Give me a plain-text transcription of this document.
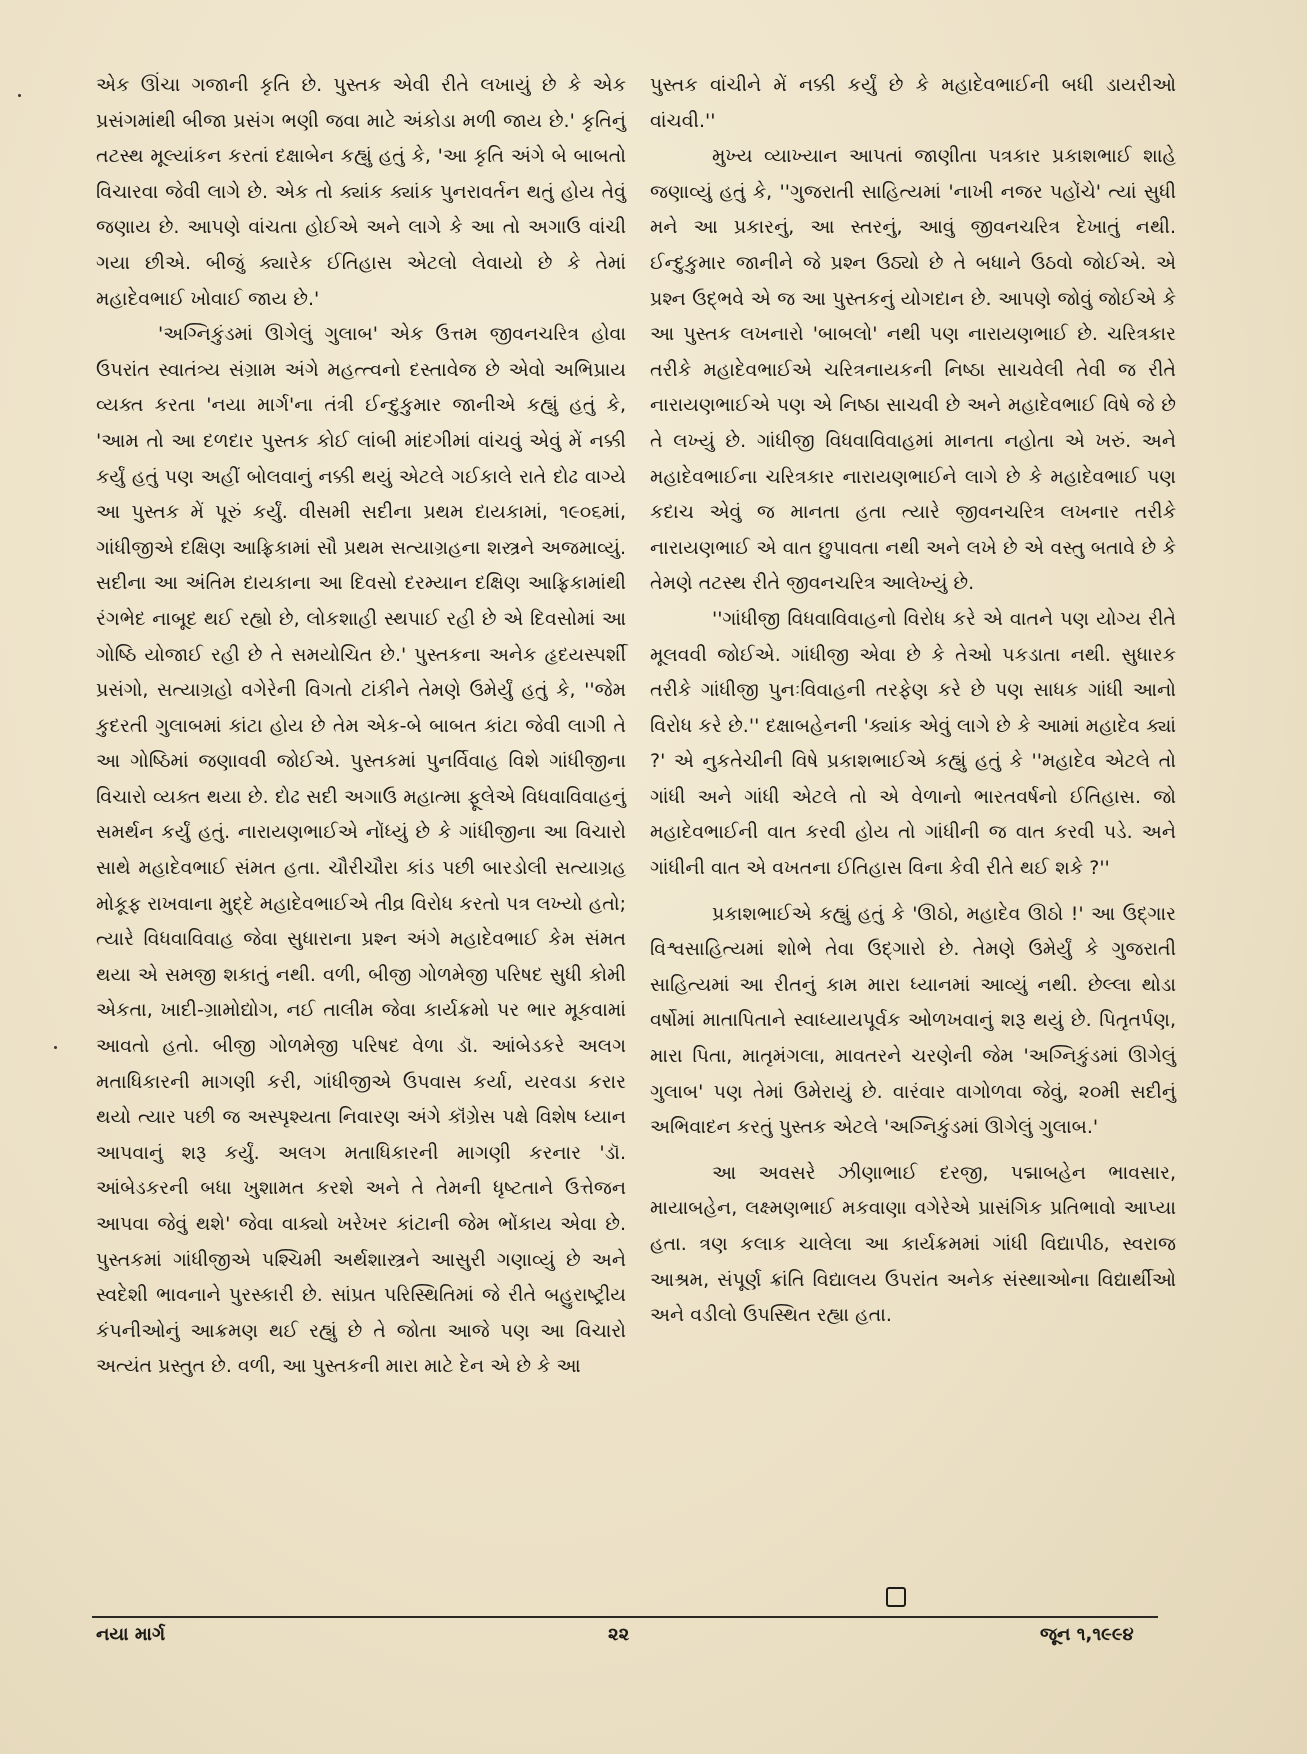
એક ઊંચા ગજાની કૃતિ છે. પુસ્તક એવી રીતે લખાયું છે કે એક પ્રસંગમાંથી બીજા પ્રસંગ ભણી જવા માટે અંકોડા મળી જાય છે.' કૃતિનું તટસ્થ મૂલ્યાંકન કરતાં દક્ષાબેન કહ્યું હતું કે, 'આ કૃતિ અંગે બે બાબતો વિચારવા જેવી લાગે છે. એક તો ક્યાંક ક્યાંક પુનરાવર્તન થતું હોય તેવું જણાય છે. આપણે વાંચતા હોઈએ અને લાગે કે આ તો અગાઉ વાંચી ગયા છીએ. બીજું ક્યારેક ઈતિહાસ એટલો લેવાયો છે કે તેમાં મહાદેવભાઈ ખોવાઈ જાય છે.'

'અગ્નિકુંડમાં ઊગેલું ગુલાબ' એક ઉત્તમ જીવનચરિત્ર હોવા ઉપરાંત સ્વાતંત્ર્ય સંગ્રામ અંગે મહત્ત્વનો દસ્તાવેજ છે એવો અભિપ્રાય વ્યક્ત કરતા 'નયા માર્ગ'ના તંત્રી ઈન્દુકુમાર જાનીએ કહ્યું હતું કે, 'આમ તો આ દળદાર પુસ્તક કોઈ લાંબી માંદગીમાં વાંચવું એવું મેં નક્કી કર્યું હતું પણ અહીં બોલવાનું નક્કી થયું એટલે ગઈકાલે રાતે દોઢ વાગ્યે આ પુસ્તક મેં પૂરું કર્યું. વીસમી સદીના પ્રથમ દાયકામાં, ૧૯૦૬માં, ગાંધીજીએ દક્ષિણ આફ્રિકામાં સૌ પ્રથમ સત્યાગ્રહના શસ્ત્રને અજમાવ્યું. સદીના આ અંતિમ દાયકાના આ દિવસો દરમ્યાન દક્ષિણ આફ્રિકામાંથી રંગભેદ નાબૂદ થઈ રહ્યો છે, લોકશાહી સ્થપાઈ રહી છે એ દિવસોમાં આ ગોષ્ઠિ યોજાઈ રહી છે તે સમયોચિત છે.' પુસ્તકના અનેક હૃદયસ્પર્શી પ્રસંગો, સત્યાગ્રહો વગેરેની વિગતો ટાંકીને તેમણે ઉમેર્યું હતું કે, ''જેમ કુદરતી ગુલાબમાં કાંટા હોય છે તેમ એક-બે બાબત કાંટા જેવી લાગી તે આ ગોષ્ઠિમાં જણાવવી જોઈએ. પુસ્તકમાં પુનર્વિવાહ વિશે ગાંધીજીના વિચારો વ્યક્ત થયા છે. દોઢ સદી અગાઉ મહાત્મા ફૂલેએ વિધવાવિવાહનું સમર્થન કર્યું હતું. નારાયણભાઈએ નોંધ્યું છે કે ગાંધીજીના આ વિચારો સાથે મહાદેવભાઈ સંમત હતા. ચૌરીચૌરા કાંડ પછી બારડોલી સત્યાગ્રહ મોકૂફ રાખવાના મુદ્દે મહાદેવભાઈએ તીવ્ર વિરોધ કરતો પત્ર લખ્યો હતો; ત્યારે વિધવાવિવાહ જેવા સુધારાના પ્રશ્ન અંગે મહાદેવભાઈ કેમ સંમત થયા એ સમજી શકાતું નથી. વળી, બીજી ગોળમેજી પરિષદ સુધી કોમી એકતા, ખાદી-ગ્રામોદ્યોગ, નઈ તાલીમ જેવા કાર્યક્રમો પર ભાર મૂકવામાં આવતો હતો. બીજી ગોળમેજી પરિષદ વેળા ડૉ. આંબેડકરે અલગ મતાધિકારની માગણી કરી, ગાંધીજીએ ઉપવાસ કર્યા, યરવડા કરાર થયો ત્યાર પછી જ અસ્પૃશ્યતા નિવારણ અંગે કૉંગ્રેસ પક્ષે વિશેષ ધ્યાન આપવાનું શરૂ કર્યું. અલગ મતાધિકારની માગણી કરનાર 'ડૉ. આંબેડકરની બધા ખુશામત કરશે અને તે તેમની ધૃષ્ટતાને ઉત્તેજન આપવા જેવું થશે' જેવા વાક્યો ખરેખર કાંટાની જેમ ભોંકાય એવા છે. પુસ્તકમાં ગાંધીજીએ પશ્ચિમી અર્થશાસ્ત્રને આસુરી ગણાવ્યું છે અને સ્વદેશી ભાવનાને પુરસ્કારી છે. સાંપ્રત પરિસ્થિતિમાં જે રીતે બહુરાષ્ટ્રીય કંપનીઓનું આક્રમણ થઈ રહ્યું છે તે જોતા આજે પણ આ વિચારો અત્યંત પ્રસ્તુત છે. વળી, આ પુસ્તકની મારા માટે દેન એ છે કે આ

પુસ્તક વાંચીને મેં નક્કી કર્યું છે કે મહાદેવભાઈની બધી ડાયરીઓ વાંચવી.''

મુખ્ય વ્યાખ્યાન આપતાં જાણીતા પત્રકાર પ્રકાશભાઈ શાહે જણાવ્યું હતું કે, ''ગુજરાતી સાહિત્યમાં 'નાખી નજર પહોંચે' ત્યાં સુધી મને આ પ્રકારનું, આ સ્તરનું, આવું જીવનચરિત્ર દેખાતું નથી. ઈન્દુકુમાર જાનીને જે પ્રશ્ન ઉઠ્યો છે તે બધાને ઉઠવો જોઈએ. એ પ્રશ્ન ઉદ્ભવે એ જ આ પુસ્તકનું યોગદાન છે. આપણે જોવું જોઈએ કે આ પુસ્તક લખનારો 'બાબલો' નથી પણ નારાયણભાઈ છે. ચરિત્રકાર તરીકે મહાદેવભાઈએ ચરિત્રનાયકની નિષ્ઠા સાચવેલી તેવી જ રીતે નારાયણભાઈએ પણ એ નિષ્ઠા સાચવી છે અને મહાદેવભાઈ વિષે જે છે તે લખ્યું છે. ગાંધીજી વિધવાવિવાહમાં માનતા નહોતા એ ખરું. અને મહાદેવભાઈના ચરિત્રકાર નારાયણભાઈને લાગે છે કે મહાદેવભાઈ પણ કદાચ એવું જ માનતા હતા ત્યારે જીવનચરિત્ર લખનાર તરીકે નારાયણભાઈ એ વાત છુપાવતા નથી અને લખે છે એ વસ્તુ બતાવે છે કે તેમણે તટસ્થ રીતે જીવનચરિત્ર આલેખ્યું છે.

''ગાંધીજી વિધવાવિવાહનો વિરોધ કરે એ વાતને પણ યોગ્ય રીતે મૂલવવી જોઈએ. ગાંધીજી એવા છે કે તેઓ પકડાતા નથી. સુધારક તરીકે ગાંધીજી પુનઃવિવાહની તરફેણ કરે છે પણ સાધક ગાંધી આનો વિરોધ કરે છે.'' દક્ષાબહેનની 'ક્યાંક એવું લાગે છે કે આમાં મહાદેવ ક્યાં ?' એ નુકતેચીની વિષે પ્રકાશભાઈએ કહ્યું હતું કે ''મહાદેવ એટલે તો ગાંધી અને ગાંધી એટલે તો એ વેળાનો ભારતવર્ષનો ઈતિહાસ. જો મહાદેવભાઈની વાત કરવી હોય તો ગાંધીની જ વાત કરવી પડે. અને ગાંધીની વાત એ વખતના ઈતિહાસ વિના કેવી રીતે થઈ શકે ?''

પ્રકાશભાઈએ કહ્યું હતું કે 'ઊઠો, મહાદેવ ઊઠો !' આ ઉદ્ગાર વિશ્વસાહિત્યમાં શોભે તેવા ઉદ્ગારો છે. તેમણે ઉમેર્યું કે ગુજરાતી સાહિત્યમાં આ રીતનું કામ મારા ધ્યાનમાં આવ્યું નથી. છેલ્લા થોડા વર્ષોમાં માતાપિતાને સ્વાધ્યાયપૂર્વક ઓળખવાનું શરૂ થયું છે. પિતૃતર્પણ, મારા પિતા, માતૃમંગલા, માવતરને ચરણેની જેમ 'અગ્નિકુંડમાં ઊગેલું ગુલાબ' પણ તેમાં ઉમેરાયું છે. વારંવાર વાગોળવા જેવું, ૨૦મી સદીનું અભિવાદન કરતું પુસ્તક એટલે 'અગ્નિકુંડમાં ઊગેલું ગુલાબ.'

આ અવસરે ઝીણાભાઈ દરજી, પદ્માબહેન ભાવસાર, માયાબહેન, લક્ષ્મણભાઈ મકવાણા વગેરેએ પ્રાસંગિક પ્રતિભાવો આપ્યા હતા. ત્રણ કલાક ચાલેલા આ કાર્યક્રમમાં ગાંધી વિદ્યાપીઠ, સ્વરાજ આશ્રમ, સંપૂર્ણ ક્રાંતિ વિદ્યાલય ઉપરાંત અનેક સંસ્થાઓના વિદ્યાર્થીઓ અને વડીલો ઉપસ્થિત રહ્યા હતા.

નયા માર્ગ	૨૨	જૂન ૧,૧૯૯૪
